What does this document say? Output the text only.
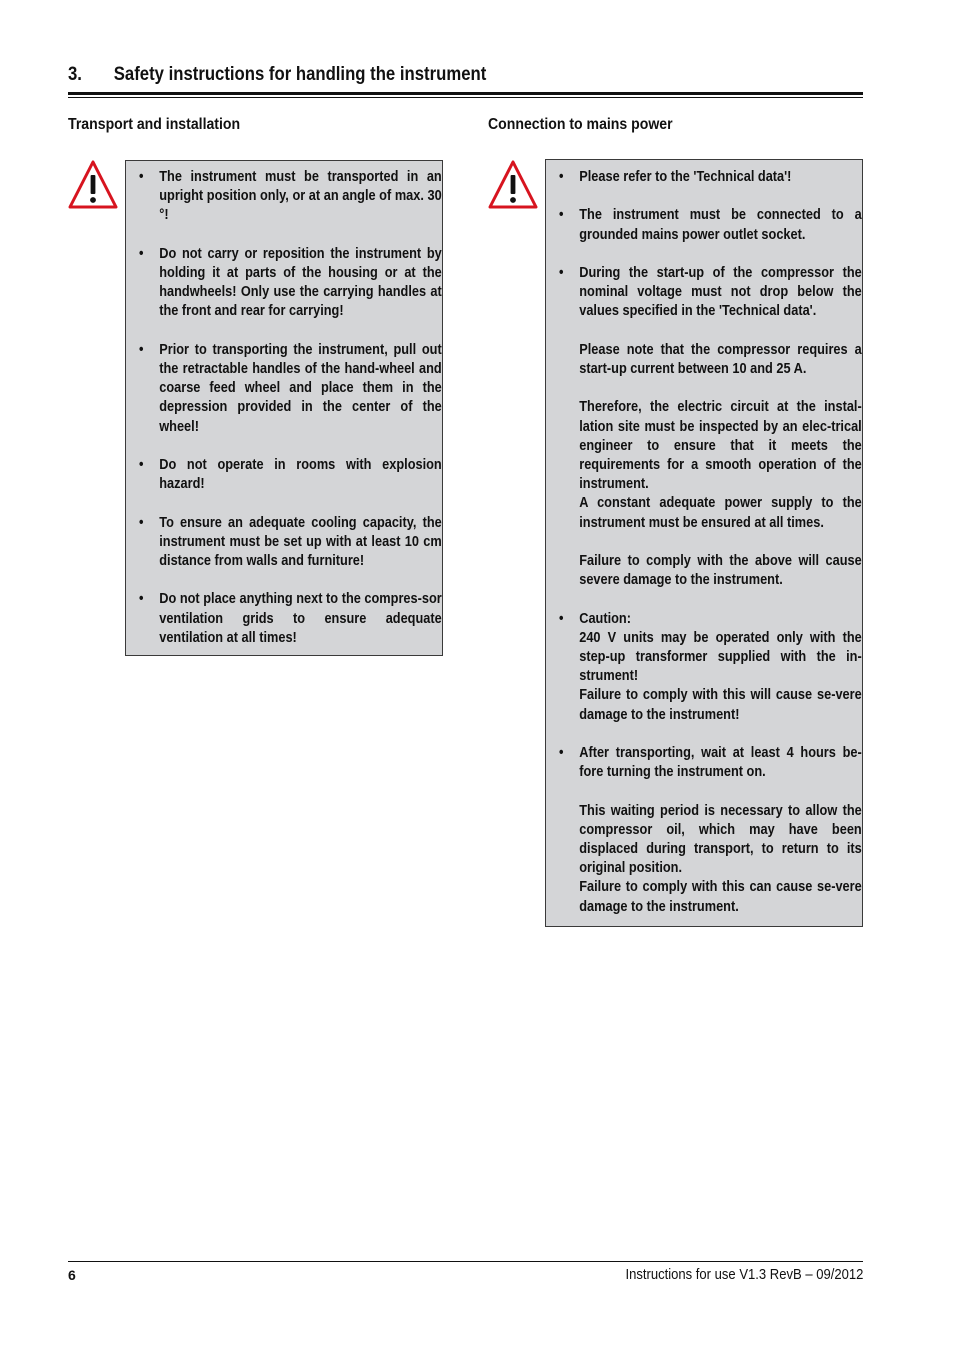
3. Safety instructions for handling the instrument
Transport and installation
• The instrument must be transported in an upright position only, or at an angle of max. 30 °!

• Do not carry or reposition the instrument by holding it at parts of the housing or at the handwheels! Only use the carrying handles at the front and rear for carrying!

• Prior to transporting the instrument, pull out the retractable handles of the hand-wheel and coarse feed wheel and place them in the depression provided in the center of the wheel!

• Do not operate in rooms with explosion hazard!

• To ensure an adequate cooling capacity, the instrument must be set up with at least 10 cm distance from walls and furniture!

• Do not place anything next to the compres-sor ventilation grids to ensure adequate ventilation at all times!

Connection to mains power
• Please refer to the 'Technical data'!

• The instrument must be connected to a grounded mains power outlet socket.

• During the start-up of the compressor the nominal voltage must not drop below the values specified in the 'Technical data'.

Please note that the compressor requires a start-up current between 10 and 25 A.

Therefore, the electric circuit at the instal-lation site must be inspected by an elec-trical engineer to ensure that it meets the requirements for a smooth operation of the instrument.

A constant adequate power supply to the instrument must be ensured at all times.

Failure to comply with the above will cause severe damage to the instrument.

• Caution:

240 V units may be operated only with the step-up transformer supplied with the in-strument!

Failure to comply with this will cause se-vere damage to the instrument!

• After transporting, wait at least 4 hours be-fore turning the instrument on.

This waiting period is necessary to allow the compressor oil, which may have been displaced during transport, to return to its original position.

Failure to comply with this can cause se-vere damage to the instrument.

6	Instructions for use V1.3 RevB – 09/2012
